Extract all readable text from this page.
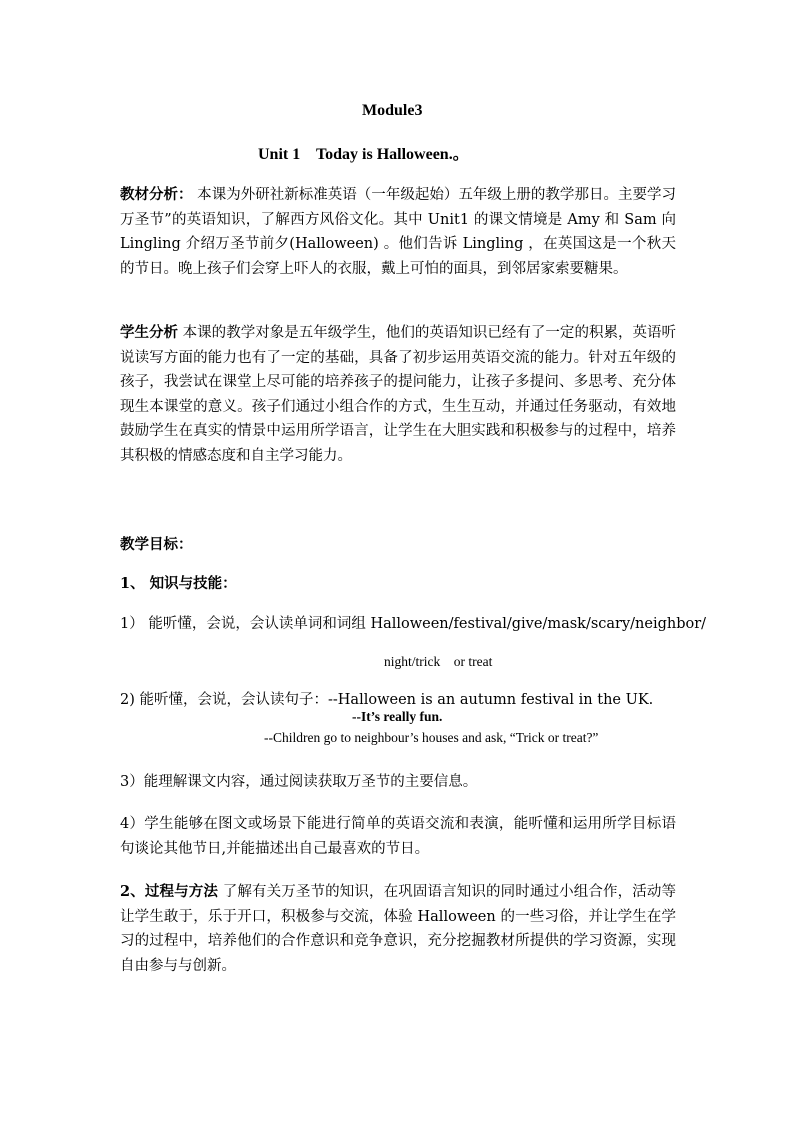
Module3
Unit 1    Today is Halloween.。
教材分析： 本课为外研社新标准英语（一年级起始）五年级上册的教学那日。主要学习万圣节”的英语知识，了解西方风俗文化。其中 Unit1 的课文情境是 Amy 和 Sam 向 Lingling 介绍万圣节前夕(Halloween) 。他们告诉 Lingling ，在英国这是一个秋天的节日。晚上孩子们会穿上吓人的衣服，戴上可怕的面具，到邻居家索要糖果。
学生分析 本课的教学对象是五年级学生，他们的英语知识已经有了一定的积累，英语听说读写方面的能力也有了一定的基础，具备了初步运用英语交流的能力。针对五年级的孩子，我尝试在课堂上尽可能的培养孩子的提问能力，让孩子多提问、多思考、充分体现生本课堂的意义。孩子们通过小组合作的方式，生生互动，并通过任务驱动，有效地鼓励学生在真实的情景中运用所学语言，让学生在大胆实践和积极参与的过程中，培养其积极的情感态度和自主学习能力。
教学目标：
1、 知识与技能：
1） 能听懂，会说，会认读单词和词组 Halloween/festival/give/mask/scary/neighbor/
night/trick    or treat
2) 能听懂，会说，会认读句子：--Halloween is an autumn festival in the UK.
--It’s really fun.
--Children go to neighbour’s houses and ask, “Trick or treat?”
3）能理解课文内容，通过阅读获取万圣节的主要信息。
4）学生能够在图文或场景下能进行简单的英语交流和表演，能听懂和运用所学目标语句谈论其他节日,并能描述出自己最喜欢的节日。
2、过程与方法 了解有关万圣节的知识，在巩固语言知识的同时通过小组合作，活动等让学生敢于，乐于开口，积极参与交流，体验 Halloween 的一些习俗，并让学生在学习的过程中，培养他们的合作意识和竞争意识，充分挖掘教材所提供的学习资源，实现自由参与与创新。
